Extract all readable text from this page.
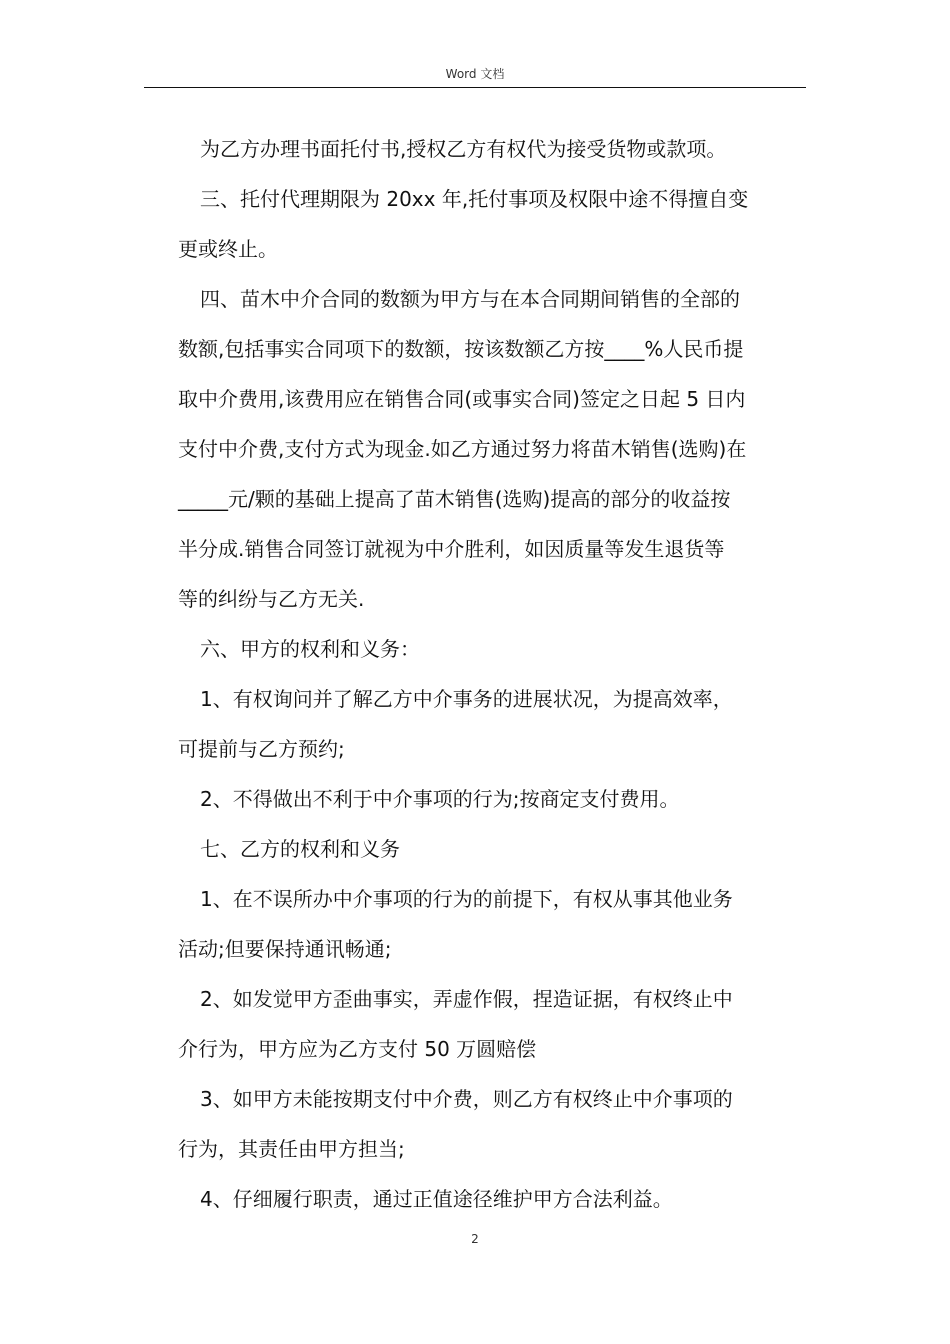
Word 文档
为乙方办理书面托付书,授权乙方有权代为接受货物或款项。
三、托付代理期限为 20xx 年,托付事项及权限中途不得擅自变
更或终止。
四、苗木中介合同的数额为甲方与在本合同期间销售的全部的
数额,包括事实合同项下的数额，按该数额乙方按____%人民币提
取中介费用,该费用应在销售合同(或事实合同)签定之日起 5 日内
支付中介费,支付方式为现金.如乙方通过努力将苗木销售(选购)在
_____元/颗的基础上提高了苗木销售(选购)提高的部分的收益按
半分成.销售合同签订就视为中介胜利，如因质量等发生退货等
等的纠纷与乙方无关.
六、甲方的权利和义务：
1、有权询问并了解乙方中介事务的进展状况，为提高效率，
可提前与乙方预约;
2、不得做出不利于中介事项的行为;按商定支付费用。
七、乙方的权利和义务
1、在不误所办中介事项的行为的前提下，有权从事其他业务
活动;但要保持通讯畅通;
2、如发觉甲方歪曲事实，弄虚作假，捏造证据，有权终止中
介行为，甲方应为乙方支付 50 万圆赔偿
3、如甲方未能按期支付中介费，则乙方有权终止中介事项的
行为，其责任由甲方担当;
4、仔细履行职责，通过正值途径维护甲方合法利益。
2
